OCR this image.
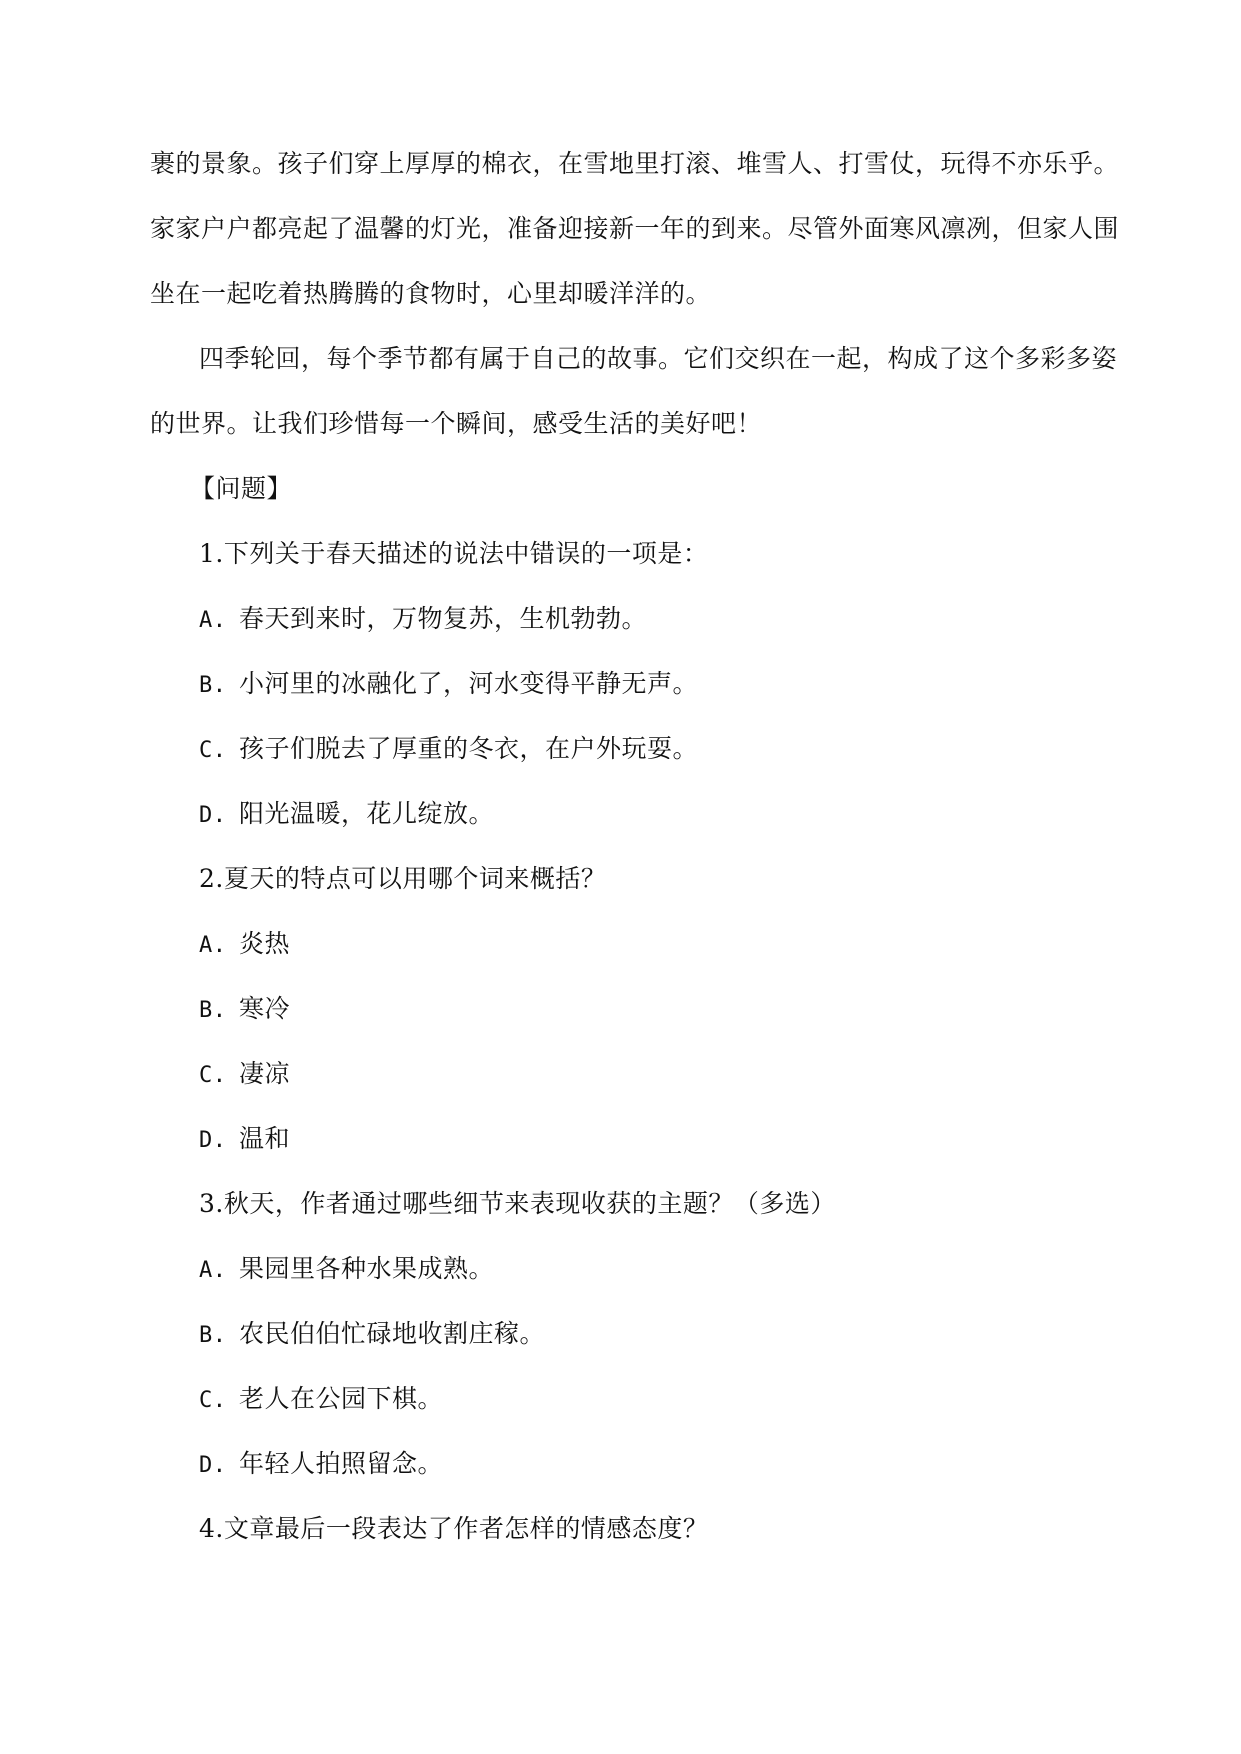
裹的景象。孩子们穿上厚厚的棉衣，在雪地里打滚、堆雪人、打雪仗，玩得不亦乐乎。
家家户户都亮起了温馨的灯光，准备迎接新一年的到来。尽管外面寒风凛冽，但家人围
坐在一起吃着热腾腾的食物时，心里却暖洋洋的。
四季轮回，每个季节都有属于自己的故事。它们交织在一起，构成了这个多彩多姿
的世界。让我们珍惜每一个瞬间，感受生活的美好吧！
【问题】
1.下列关于春天描述的说法中错误的一项是：
A. 春天到来时，万物复苏，生机勃勃。
B. 小河里的冰融化了，河水变得平静无声。
C. 孩子们脱去了厚重的冬衣，在户外玩耍。
D. 阳光温暖，花儿绽放。
2.夏天的特点可以用哪个词来概括？
A. 炎热
B. 寒冷
C. 凄凉
D. 温和
3.秋天，作者通过哪些细节来表现收获的主题？（多选）
A. 果园里各种水果成熟。
B. 农民伯伯忙碌地收割庄稼。
C. 老人在公园下棋。
D. 年轻人拍照留念。
4.文章最后一段表达了作者怎样的情感态度？
